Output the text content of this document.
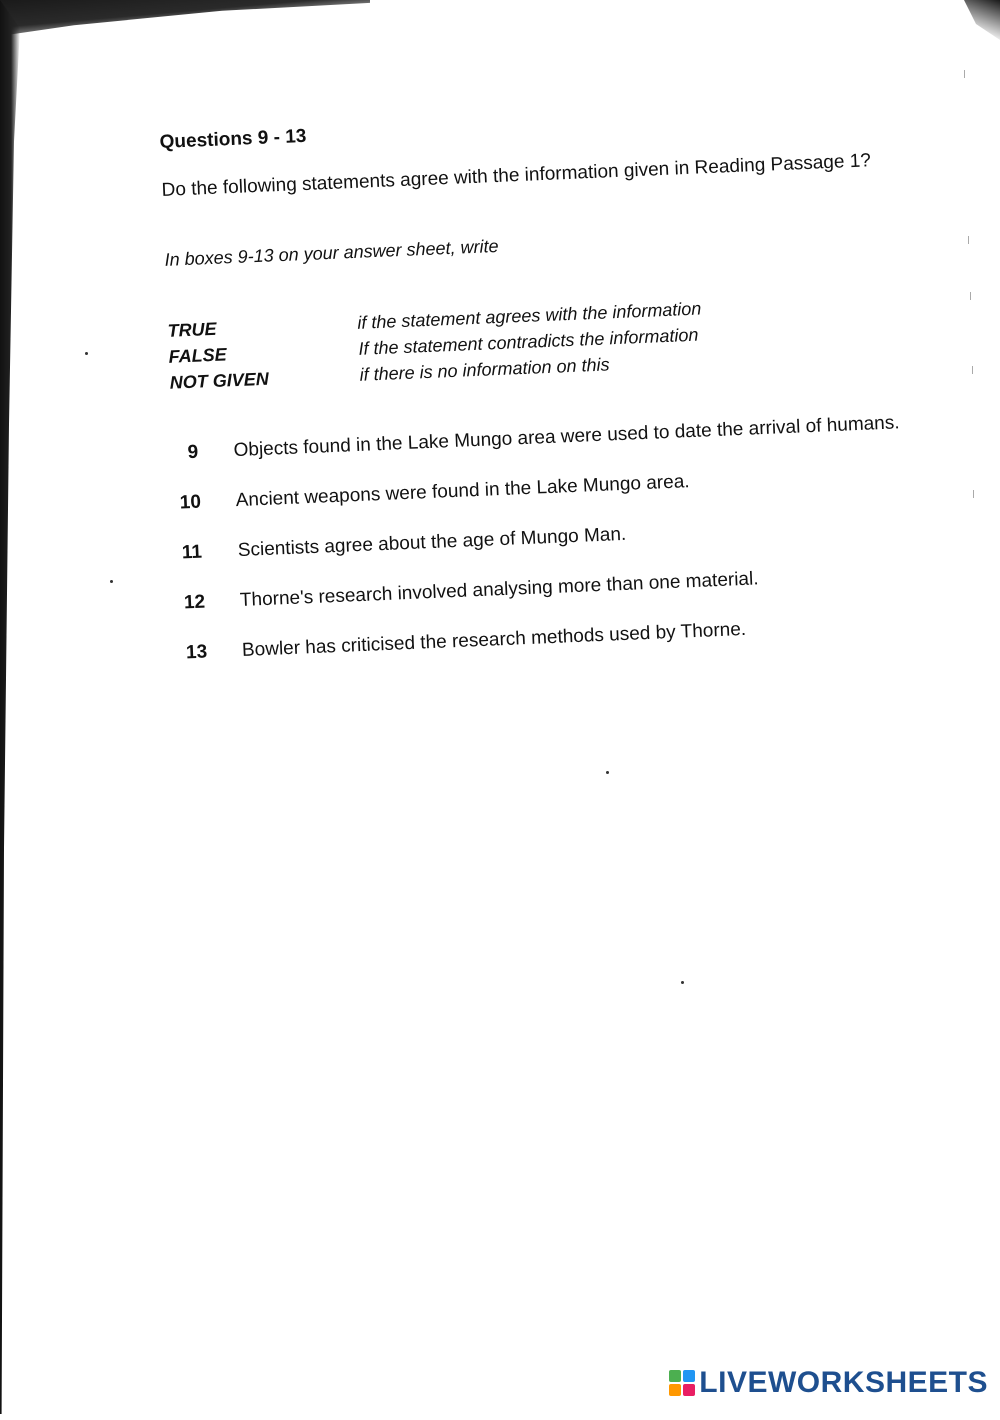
Questions 9 - 13
Do the following statements agree with the information given in Reading Passage 1?
In boxes 9-13 on your answer sheet, write
TRUE	if the statement agrees with the information
FALSE	If the statement contradicts the information
NOT GIVEN	if there is no information on this
9	Objects found in the Lake Mungo area were used to date the arrival of humans.
10	Ancient weapons were found in the Lake Mungo area.
11	Scientists agree about the age of Mungo Man.
12	Thorne's research involved analysing more than one material.
13	Bowler has criticised the research methods used by Thorne.
LIVEWORKSHEETS
